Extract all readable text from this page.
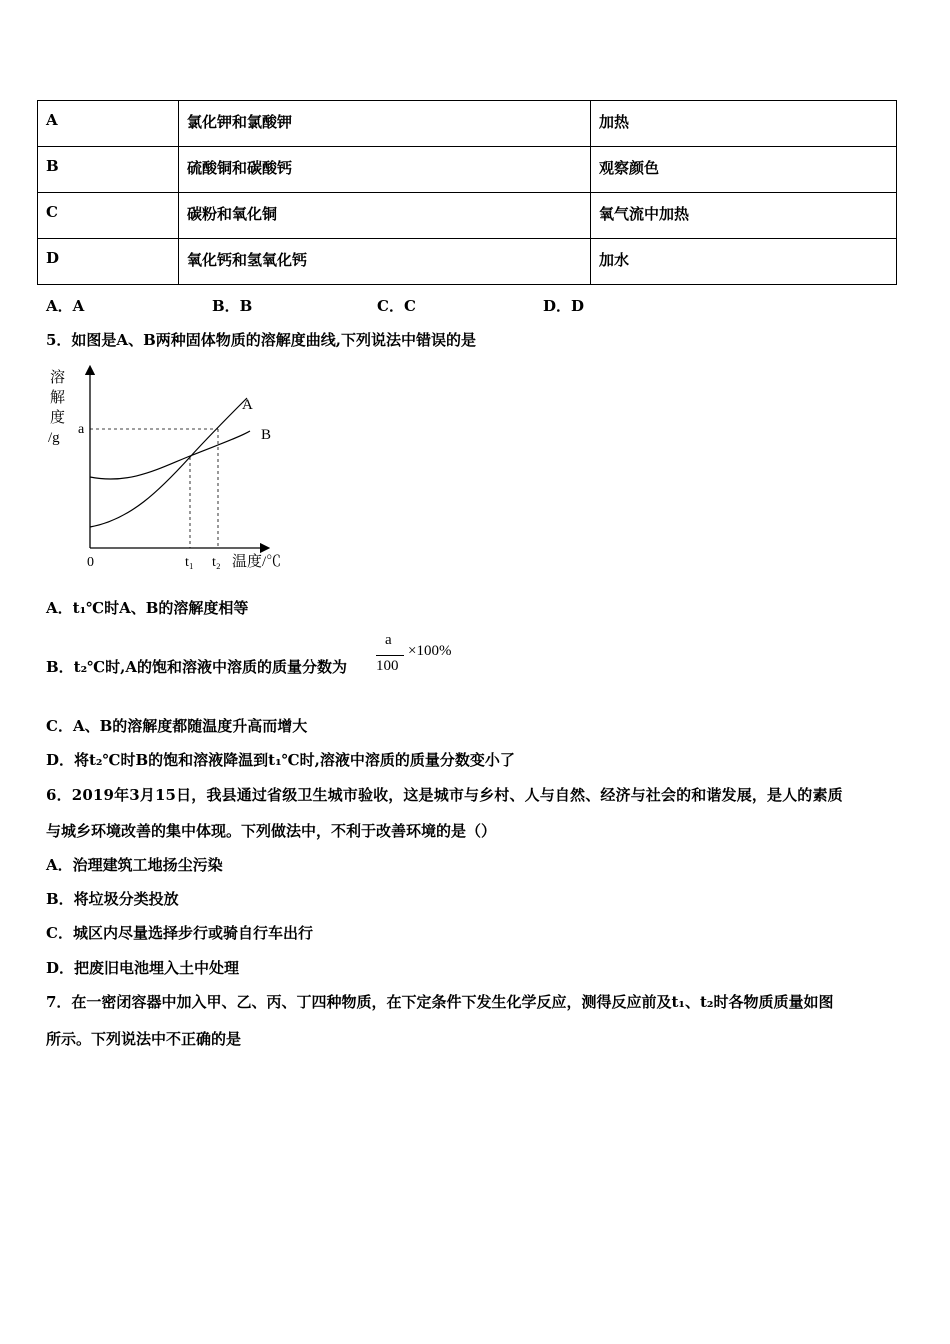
A	氯化钾和氯酸钾	加热
B	硫酸铜和碳酸钙	观察颜色
C	碳粉和氧化铜	氧气流中加热
D	氧化钙和氢氧化钙	加水
A．A	B．B	C．C	D．D
5．如图是A、B两种固体物质的溶解度曲线,下列说法中错误的是
溶
解
度
/g
A
B
a
0	t₁ t₂ 温度/℃
A．t₁℃时A、B的溶解度相等
B．t₂℃时,A的饱和溶液中溶质的质量分数为
a
100
×100%
C．A、B的溶解度都随温度升高而增大
D．将t₂℃时B的饱和溶液降温到t₁℃时,溶液中溶质的质量分数变小了
6．2019年3月15日，我县通过省级卫生城市验收，这是城市与乡村、人与自然、经济与社会的和谐发展，是人的素质
与城乡环境改善的集中体现。下列做法中，不利于改善环境的是（）
A．治理建筑工地扬尘污染
B．将垃圾分类投放
C．城区内尽量选择步行或骑自行车出行
D．把废旧电池埋入土中处理
7．在一密闭容器中加入甲、乙、丙、丁四种物质，在下定条件下发生化学反应，测得反应前及t₁、t₂时各物质质量如图
所示。下列说法中不正确的是
